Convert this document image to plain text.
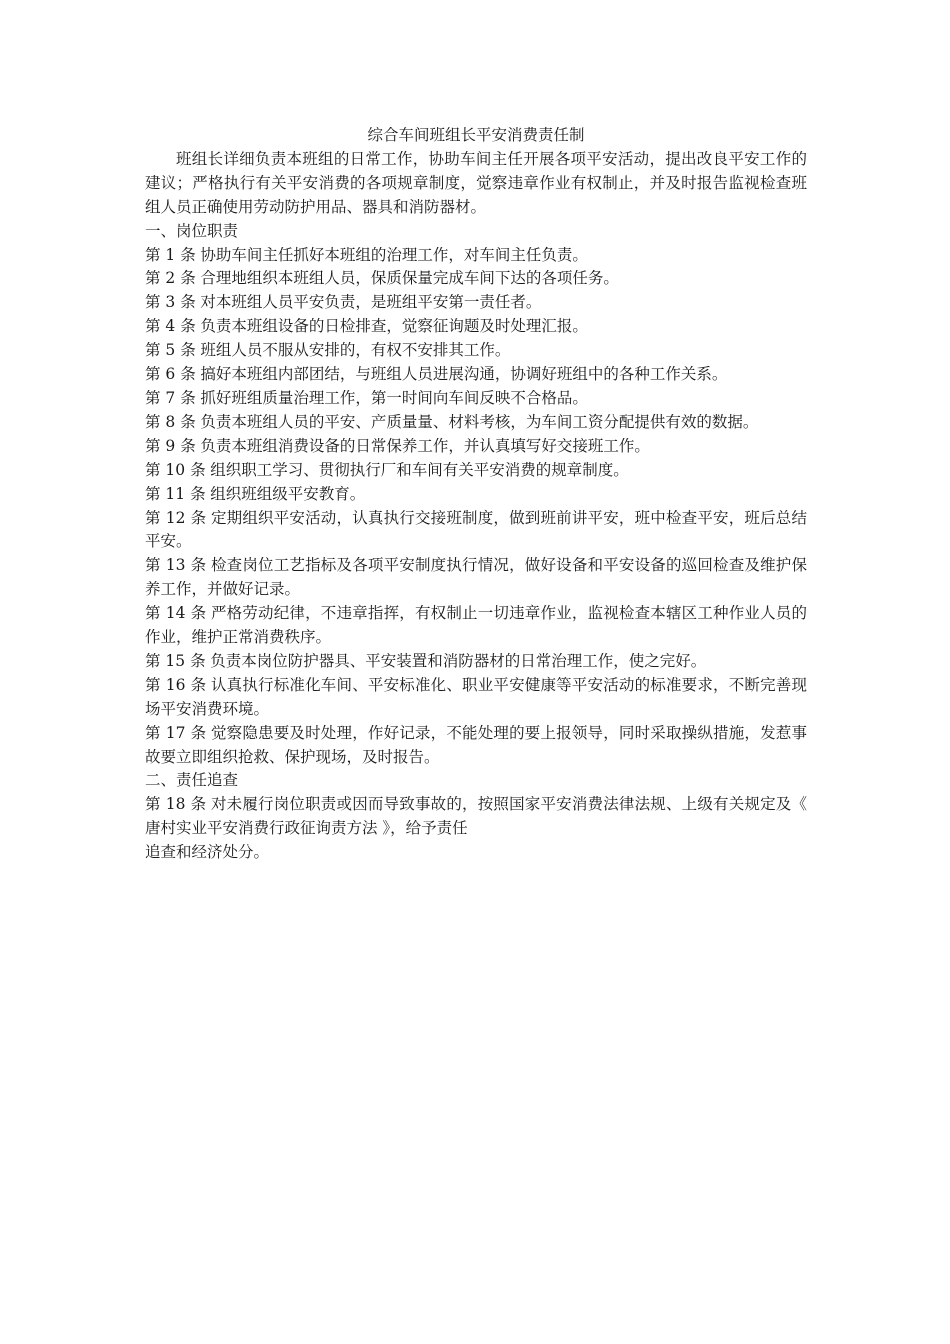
综合车间班组长平安消费责任制

班组长详细负责本班组的日常工作，协助车间主任开展各项平安活动，提出改良平安工作的建议；严格执行有关平安消费的各项规章制度，觉察违章作业有权制止，并及时报告监视检查班组人员正确使用劳动防护用品、器具和消防器材。

一、岗位职责

第 1 条 协助车间主任抓好本班组的治理工作，对车间主任负责。

第 2 条 合理地组织本班组人员，保质保量完成车间下达的各项任务。

第 3 条 对本班组人员平安负责，是班组平安第一责任者。

第 4 条 负责本班组设备的日检排查，觉察征询题及时处理汇报。

第 5 条 班组人员不服从安排的，有权不安排其工作。

第 6 条 搞好本班组内部团结，与班组人员进展沟通，协调好班组中的各种工作关系。

第 7 条 抓好班组质量治理工作，第一时间向车间反映不合格品。

第 8 条 负责本班组人员的平安、产质量量、材料考核，为车间工资分配提供有效的数据。

第 9 条 负责本班组消费设备的日常保养工作，并认真填写好交接班工作。

第 10 条 组织职工学习、贯彻执行厂和车间有关平安消费的规章制度。

第 11 条 组织班组级平安教育。

第 12 条 定期组织平安活动，认真执行交接班制度，做到班前讲平安，班中检查平安，班后总结平安。

第 13 条 检查岗位工艺指标及各项平安制度执行情况，做好设备和平安设备的巡回检查及维护保养工作，并做好记录。

第 14 条 严格劳动纪律，不违章指挥，有权制止一切违章作业，监视检查本辖区工种作业人员的作业，维护正常消费秩序。

第 15 条 负责本岗位防护器具、平安装置和消防器材的日常治理工作，使之完好。

第 16 条 认真执行标准化车间、平安标准化、职业平安健康等平安活动的标准要求，不断完善现场平安消费环境。

第 17 条 觉察隐患要及时处理，作好记录，不能处理的要上报领导，同时采取操纵措施，发惹事故要立即组织抢救、保护现场，及时报告。

二、责任追查

第 18 条 对未履行岗位职责或因而导致事故的，按照国家平安消费法律法规、上级有关规定及《 唐村实业平安消费行政征询责方法 》，给予责任

追查和经济处分。
